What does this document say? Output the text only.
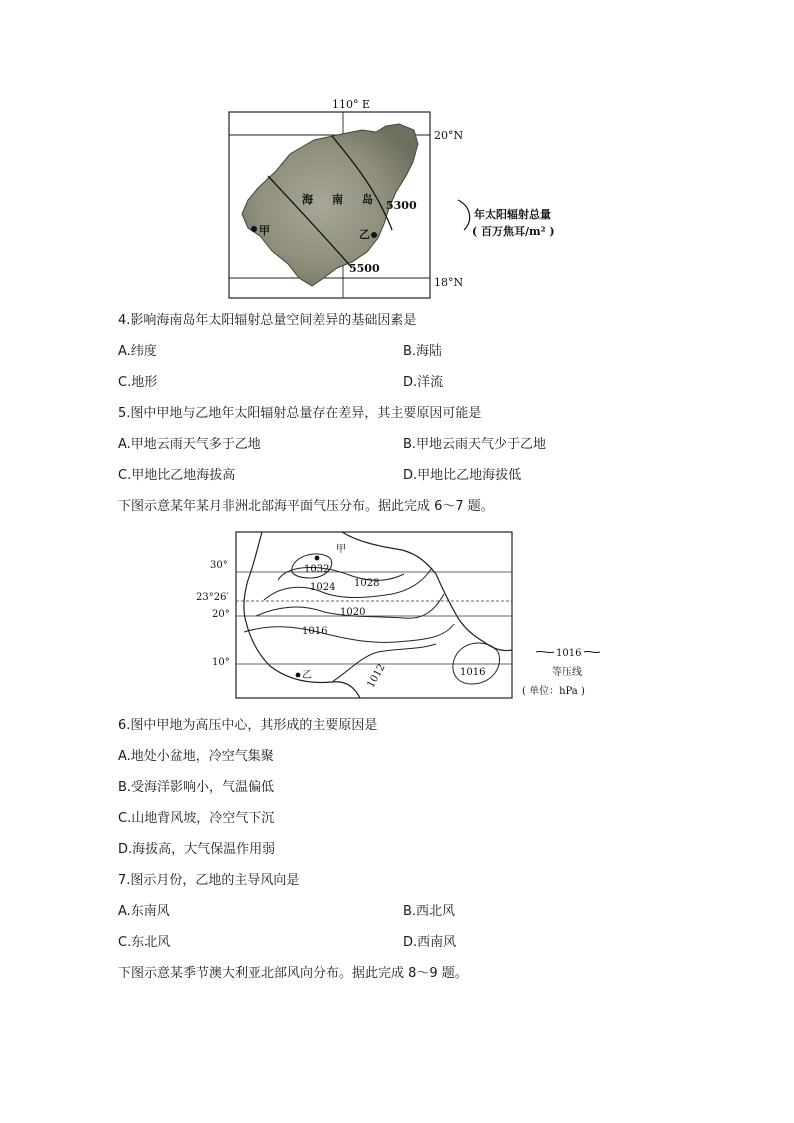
110° E
20°N
18°N
海 南 岛
甲	乙
5300
5500
年太阳辐射总量
( 百万焦耳/m² )
4.影响海南岛年太阳辐射总量空间差异的基础因素是
A.纬度	B.海陆
C.地形	D.洋流
5.图中甲地与乙地年太阳辐射总量存在差异，其主要原因可能是
A.甲地云雨天气多于乙地	B.甲地云雨天气少于乙地
C.甲地比乙地海拔高	D.甲地比乙地海拔低
下图示意某年某月非洲北部海平面气压分布。据此完成 6～7 题。
30°
23°26′
20°
10°
甲
乙
1032
1028
1024
1020
1016
1012	1016
1016
等压线
( 单位：hPa )
6.图中甲地为高压中心，其形成的主要原因是
A.地处小盆地，冷空气集聚
B.受海洋影响小，气温偏低
C.山地背风坡，冷空气下沉
D.海拔高，大气保温作用弱
7.图示月份，乙地的主导风向是
A.东南风	B.西北风
C.东北风	D.西南风
下图示意某季节澳大利亚北部风向分布。据此完成 8～9 题。
